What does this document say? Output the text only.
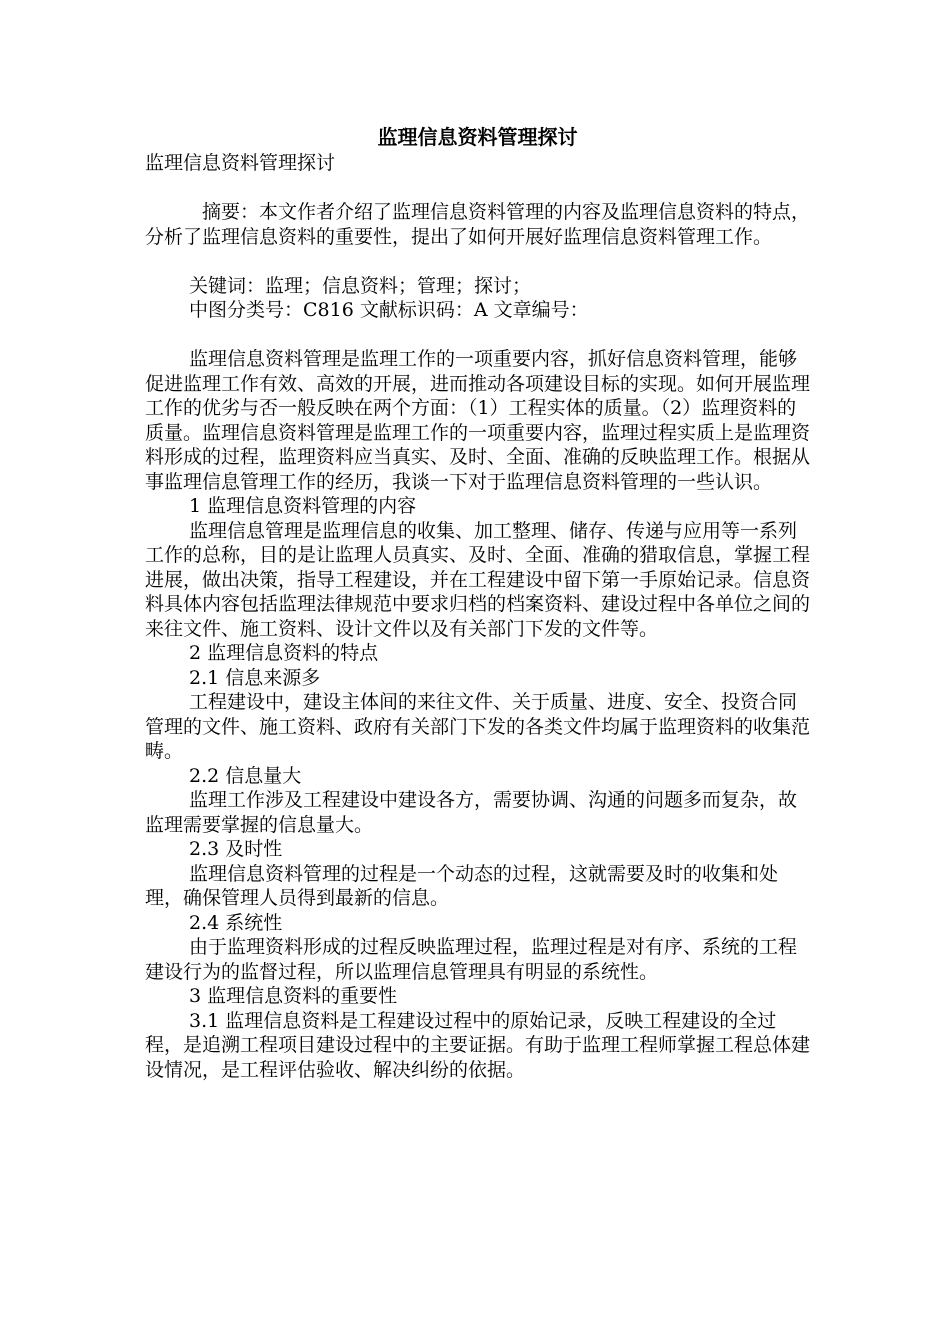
监理信息资料管理探讨

监理信息资料管理探讨

摘要：本文作者介绍了监理信息资料管理的内容及监理信息资料的特点，分析了监理信息资料的重要性，提出了如何开展好监理信息资料管理工作。

关键词：监理；信息资料；管理；探讨；

中图分类号：C816 文献标识码：A 文章编号：

监理信息资料管理是监理工作的一项重要内容，抓好信息资料管理，能够促进监理工作有效、高效的开展，进而推动各项建设目标的实现。如何开展监理工作的优劣与否一般反映在两个方面：（1）工程实体的质量。（2）监理资料的质量。监理信息资料管理是监理工作的一项重要内容，监理过程实质上是监理资料形成的过程，监理资料应当真实、及时、全面、准确的反映监理工作。根据从事监理信息管理工作的经历，我谈一下对于监理信息资料管理的一些认识。

1 监理信息资料管理的内容

监理信息管理是监理信息的收集、加工整理、储存、传递与应用等一系列工作的总称，目的是让监理人员真实、及时、全面、准确的猎取信息，掌握工程进展，做出决策，指导工程建设，并在工程建设中留下第一手原始记录。信息资料具体内容包括监理法律规范中要求归档的档案资料、建设过程中各单位之间的来往文件、施工资料、设计文件以及有关部门下发的文件等。

2 监理信息资料的特点

2.1 信息来源多

工程建设中，建设主体间的来往文件、关于质量、进度、安全、投资合同管理的文件、施工资料、政府有关部门下发的各类文件均属于监理资料的收集范畴。

2.2 信息量大

监理工作涉及工程建设中建设各方，需要协调、沟通的问题多而复杂，故监理需要掌握的信息量大。

2.3 及时性

监理信息资料管理的过程是一个动态的过程，这就需要及时的收集和处理，确保管理人员得到最新的信息。

2.4 系统性

由于监理资料形成的过程反映监理过程，监理过程是对有序、系统的工程建设行为的监督过程，所以监理信息管理具有明显的系统性。

3 监理信息资料的重要性

3.1 监理信息资料是工程建设过程中的原始记录，反映工程建设的全过程，是追溯工程项目建设过程中的主要证据。有助于监理工程师掌握工程总体建设情况，是工程评估验收、解决纠纷的依据。
